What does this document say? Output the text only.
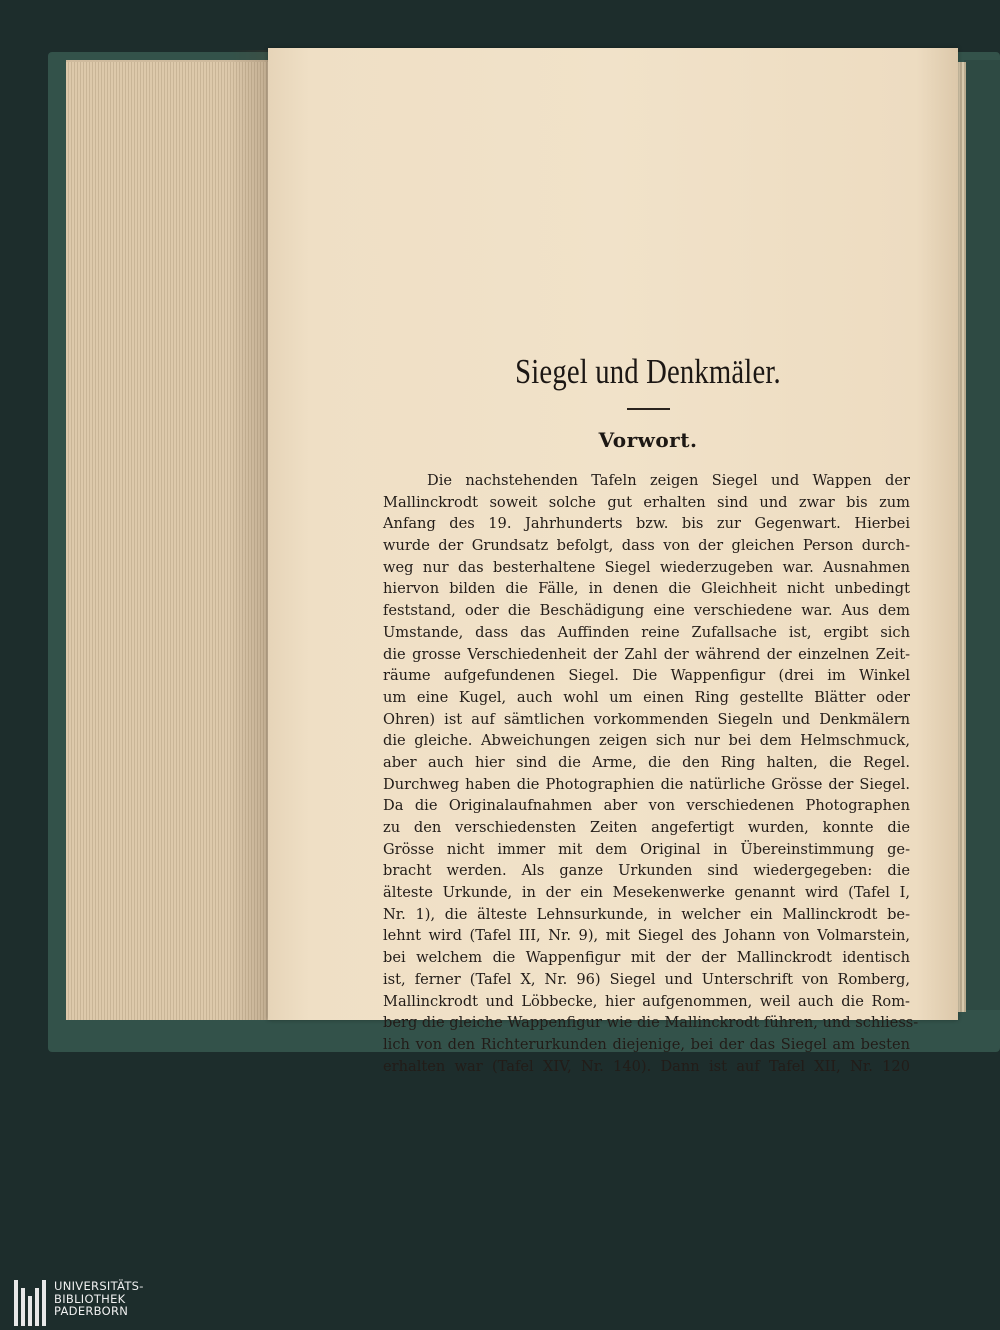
Siegel und Denkmäler.
Vorwort.
Die nachstehenden Tafeln zeigen Siegel und Wappen der
Mallinckrodt soweit solche gut erhalten sind und zwar bis zum
Anfang des 19. Jahrhunderts bzw. bis zur Gegenwart. Hierbei
wurde der Grundsatz befolgt, dass von der gleichen Person durch-
weg nur das besterhaltene Siegel wiederzugeben war. Ausnahmen
hiervon bilden die Fälle, in denen die Gleichheit nicht unbedingt
feststand, oder die Beschädigung eine verschiedene war. Aus dem
Umstande, dass das Auffinden reine Zufallsache ist, ergibt sich
die grosse Verschiedenheit der Zahl der während der einzelnen Zeit-
räume aufgefundenen Siegel. Die Wappenfigur (drei im Winkel
um eine Kugel, auch wohl um einen Ring gestellte Blätter oder
Ohren) ist auf sämtlichen vorkommenden Siegeln und Denkmälern
die gleiche. Abweichungen zeigen sich nur bei dem Helmschmuck,
aber auch hier sind die Arme, die den Ring halten, die Regel.
Durchweg haben die Photographien die natürliche Grösse der Siegel.
Da die Originalaufnahmen aber von verschiedenen Photographen
zu den verschiedensten Zeiten angefertigt wurden, konnte die
Grösse nicht immer mit dem Original in Übereinstimmung ge-
bracht werden. Als ganze Urkunden sind wiedergegeben: die
älteste Urkunde, in der ein Mesekenwerke genannt wird (Tafel I,
Nr. 1), die älteste Lehnsurkunde, in welcher ein Mallinckrodt be-
lehnt wird (Tafel III, Nr. 9), mit Siegel des Johann von Volmarstein,
bei welchem die Wappenfigur mit der der Mallinckrodt identisch
ist, ferner (Tafel X, Nr. 96) Siegel und Unterschrift von Romberg,
Mallinckrodt und Löbbecke, hier aufgenommen, weil auch die Rom-
berg die gleiche Wappenfigur wie die Mallinckrodt führen, und schliess-
lich von den Richterurkunden diejenige, bei der das Siegel am besten
erhalten war (Tafel XIV, Nr. 140). Dann ist auf Tafel XII, Nr. 120
UNIVERSITÄTS-
BIBLIOTHEK
PADERBORN
